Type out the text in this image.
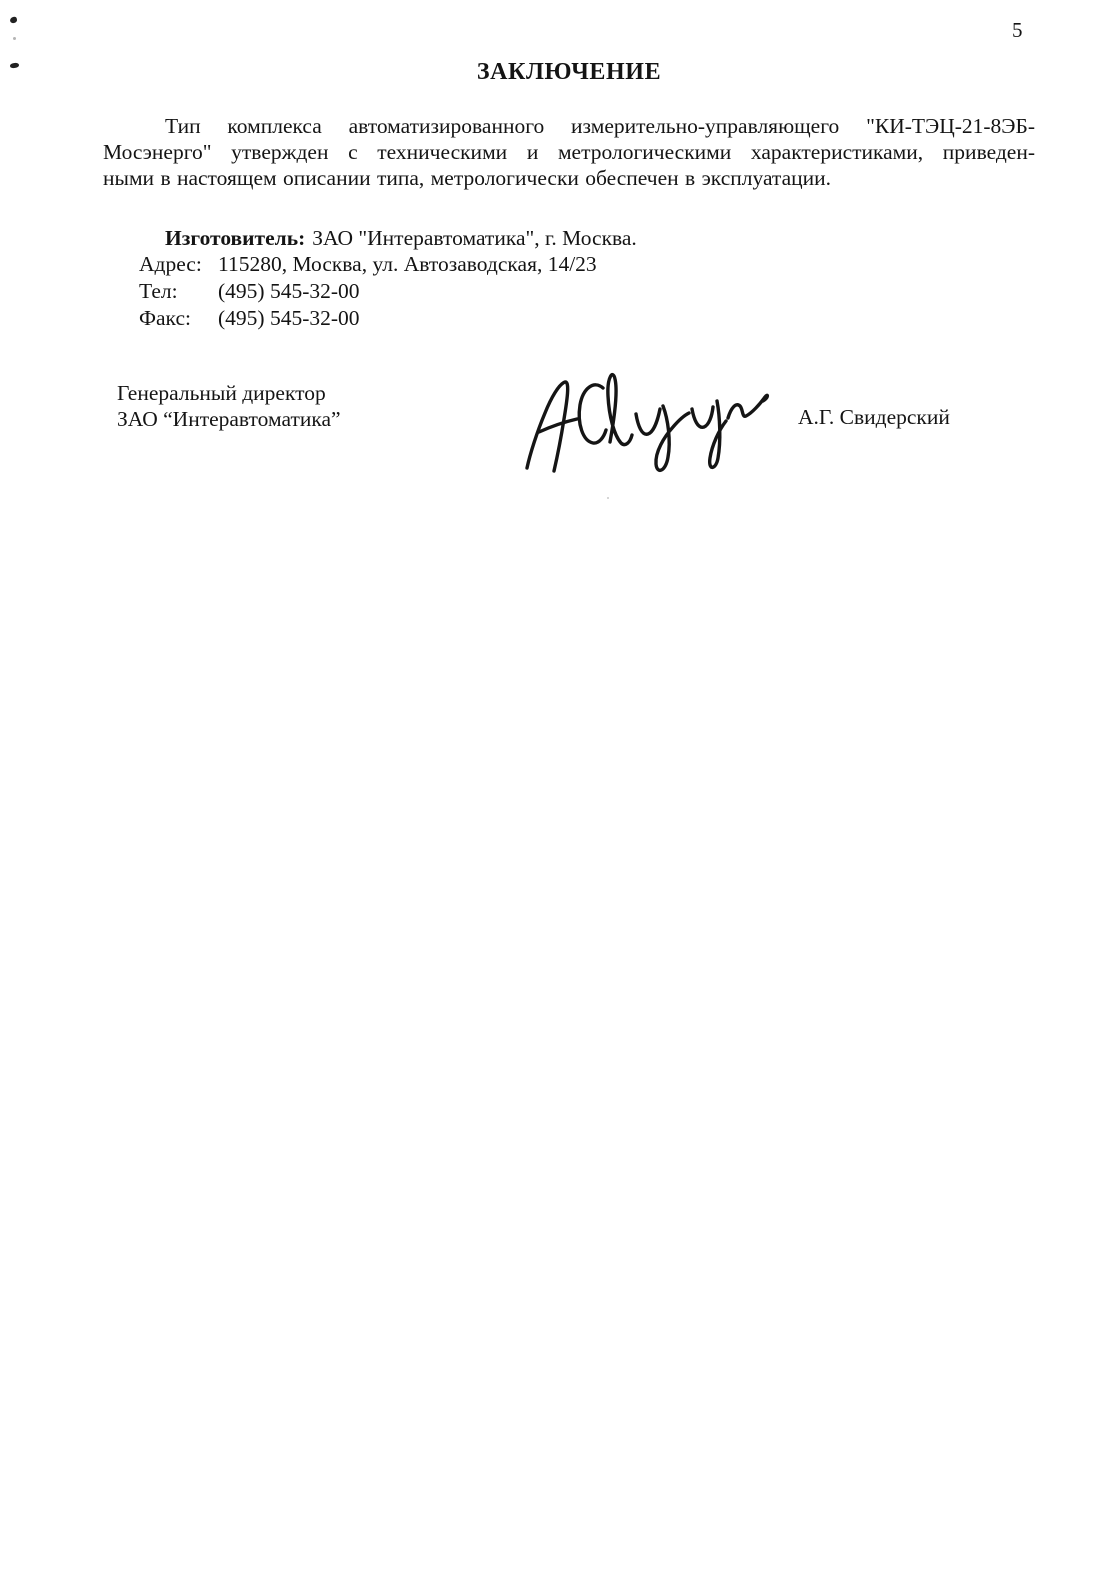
5
ЗАКЛЮЧЕНИЕ
Тип комплекса автоматизированного измерительно-управляющего "КИ-ТЭЦ-21-8ЭБ-
Мосэнерго" утвержден с техническими и метрологическими характеристиками, приведен-
ными в настоящем описании типа, метрологически обеспечен в эксплуатации.
Изготовитель: ЗАО "Интеравтоматика", г. Москва.
Адрес: 115280, Москва, ул. Автозаводская, 14/23
Тел:	(495) 545-32-00
Факс:	(495) 545-32-00
Генеральный директор
ЗАО “Интеравтоматика”	А.Г. Свидерский
